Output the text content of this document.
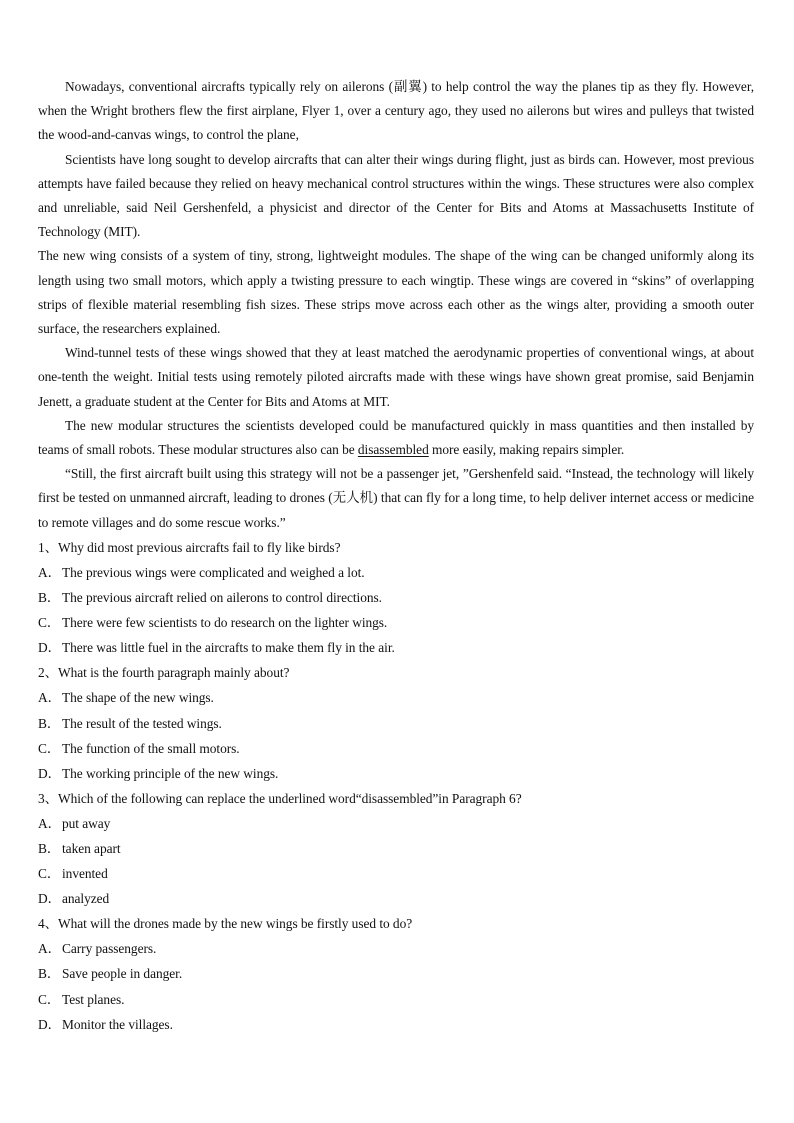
Nowadays, conventional aircrafts typically rely on ailerons (副翼) to help control the way the planes tip as they fly. However, when the Wright brothers flew the first airplane, Flyer 1, over a century ago, they used no ailerons but wires and pulleys that twisted the wood-and-canvas wings, to control the plane,

Scientists have long sought to develop aircrafts that can alter their wings during flight, just as birds can. However, most previous attempts have failed because they relied on heavy mechanical control structures within the wings. These structures were also complex and unreliable, said Neil Gershenfeld, a physicist and director of the Center for Bits and Atoms at Massachusetts Institute of Technology (MIT).

The new wing consists of a system of tiny, strong, lightweight modules. The shape of the wing can be changed uniformly along its length using two small motors, which apply a twisting pressure to each wingtip. These wings are covered in “skins” of overlapping strips of flexible material resembling fish sizes. These strips move across each other as the wings alter, providing a smooth outer surface, the researchers explained.

Wind-tunnel tests of these wings showed that they at least matched the aerodynamic properties of conventional wings, at about one-tenth the weight. Initial tests using remotely piloted aircrafts made with these wings have shown great promise, said Benjamin Jenett, a graduate student at the Center for Bits and Atoms at MIT.

The new modular structures the scientists developed could be manufactured quickly in mass quantities and then installed by teams of small robots. These modular structures also can be disassembled more easily, making repairs simpler.

“Still, the first aircraft built using this strategy will not be a passenger jet, ”Gershenfeld said. “Instead, the technology will likely first be tested on unmanned aircraft, leading to drones (无人机) that can fly for a long time, to help deliver internet access or medicine to remote villages and do some rescue works.”

1、Why did most previous aircrafts fail to fly like birds?

A．The previous wings were complicated and weighed a lot.

B． The previous aircraft relied on ailerons to control directions.

C． There were few scientists to do research on the lighter wings.

D．There was little fuel in the aircrafts to make them fly in the air.

2、What is the fourth paragraph mainly about?

A．The shape of the new wings.

B． The result of the tested wings.

C． The function of the small motors.

D．The working principle of the new wings.

3、Which of the following can replace the underlined word“disassembled”in Paragraph 6?

A．put away

B． taken apart

C． invented

D．analyzed

4、What will the drones made by the new wings be firstly used to do?

A．Carry passengers.

B． Save people in danger.

C． Test planes.

D．Monitor the villages.
